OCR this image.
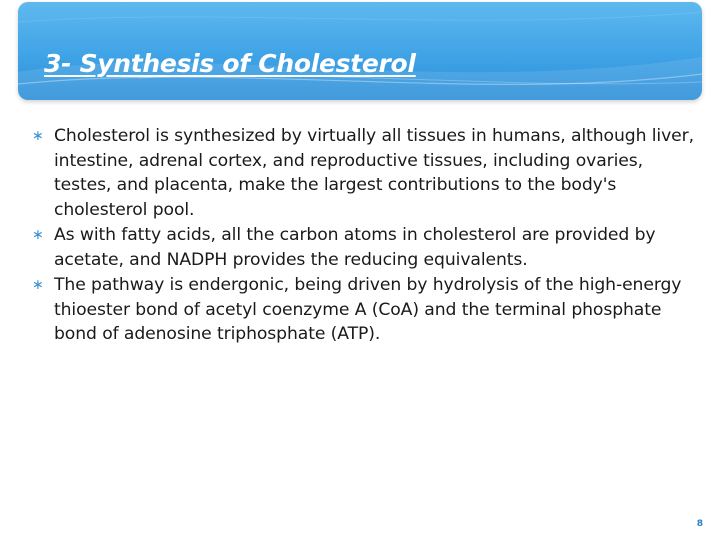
3- Synthesis of Cholesterol
∗ Cholesterol is synthesized by virtually all tissues in humans, although liver, intestine, adrenal cortex, and reproductive tissues, including ovaries, testes, and placenta, make the largest contributions to the body's cholesterol pool.
∗ As with fatty acids, all the carbon atoms in cholesterol are provided by acetate, and NADPH provides the reducing equivalents.
∗ The pathway is endergonic, being driven by hydrolysis of the high-energy thioester bond of acetyl coenzyme A (CoA) and the terminal phosphate bond of adenosine triphosphate (ATP).
8
